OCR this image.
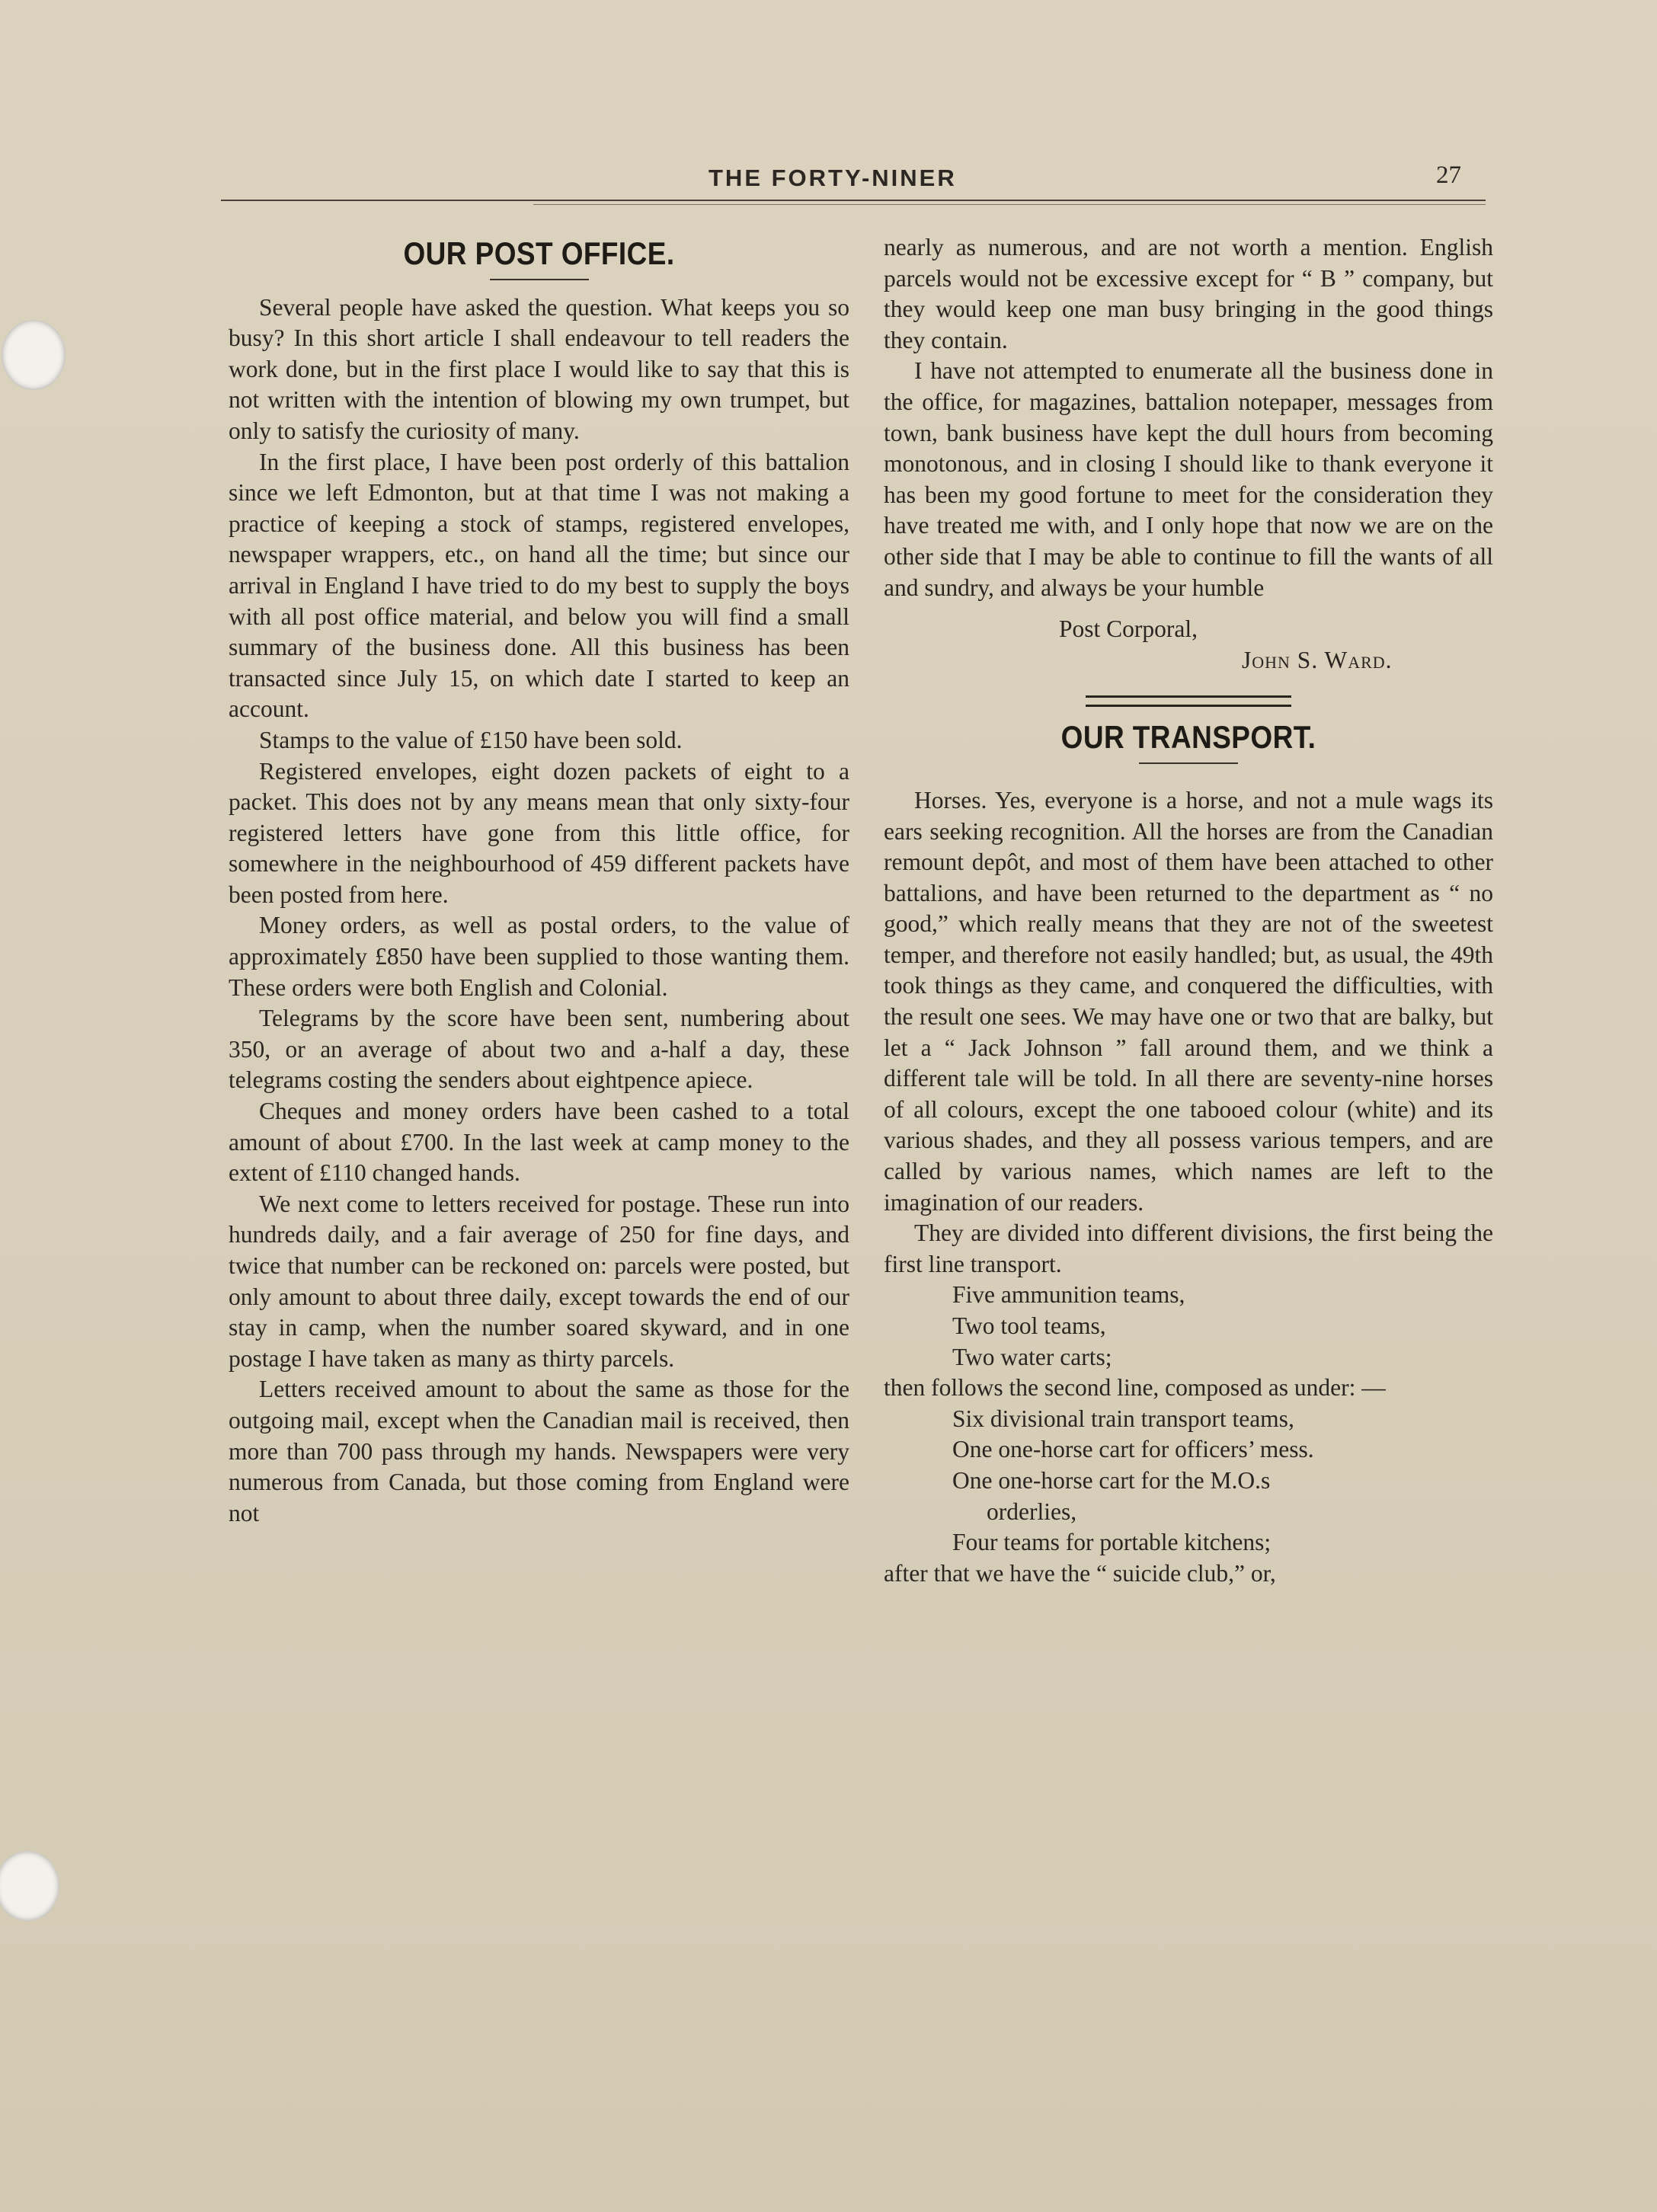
THE FORTY-NINER	27
OUR POST OFFICE.

Several people have asked the question. What keeps you so busy? In this short article I shall endeavour to tell readers the work done, but in the first place I would like to say that this is not written with the intention of blowing my own trumpet, but only to satisfy the curiosity of many.

In the first place, I have been post orderly of this battalion since we left Edmonton, but at that time I was not making a practice of keeping a stock of stamps, registered envelopes, newspaper wrappers, etc., on hand all the time; but since our arrival in England I have tried to do my best to supply the boys with all post office material, and below you will find a small summary of the business done. All this business has been transacted since July 15, on which date I started to keep an account.

Stamps to the value of £150 have been sold.

Registered envelopes, eight dozen packets of eight to a packet. This does not by any means mean that only sixty-four registered letters have gone from this little office, for somewhere in the neighbourhood of 459 different packets have been posted from here.

Money orders, as well as postal orders, to the value of approximately £850 have been supplied to those wanting them. These orders were both English and Colonial.

Telegrams by the score have been sent, numbering about 350, or an average of about two and a-half a day, these telegrams costing the senders about eightpence apiece.

Cheques and money orders have been cashed to a total amount of about £700. In the last week at camp money to the extent of £110 changed hands.

We next come to letters received for postage. These run into hundreds daily, and a fair average of 250 for fine days, and twice that number can be reckoned on: parcels were posted, but only amount to about three daily, except towards the end of our stay in camp, when the number soared skyward, and in one postage I have taken as many as thirty parcels.

Letters received amount to about the same as those for the outgoing mail, except when the Canadian mail is received, then more than 700 pass through my hands. Newspapers were very numerous from Canada, but those coming from England were not

nearly as numerous, and are not worth a mention. English parcels would not be excessive except for “ B ” company, but they would keep one man busy bringing in the good things they contain.

I have not attempted to enumerate all the business done in the office, for magazines, battalion notepaper, messages from town, bank business have kept the dull hours from becoming monotonous, and in closing I should like to thank everyone it has been my good fortune to meet for the consideration they have treated me with, and I only hope that now we are on the other side that I may be able to continue to fill the wants of all and sundry, and always be your humble

Post Corporal,

John S. Ward.

OUR TRANSPORT.

Horses. Yes, everyone is a horse, and not a mule wags its ears seeking recognition. All the horses are from the Canadian remount depôt, and most of them have been attached to other battalions, and have been returned to the department as “ no good,” which really means that they are not of the sweetest temper, and therefore not easily handled; but, as usual, the 49th took things as they came, and conquered the difficulties, with the result one sees. We may have one or two that are balky, but let a “ Jack Johnson ” fall around them, and we think a different tale will be told. In all there are seventy-nine horses of all colours, except the one tabooed colour (white) and its various shades, and they all possess various tempers, and are called by various names, which names are left to the imagination of our readers.

They are divided into different divisions, the first being the first line transport.

Five ammunition teams,

Two tool teams,

Two water carts;

then follows the second line, composed as under: —

Six divisional train transport teams,

One one-horse cart for officers’ mess.

One one-horse cart for the M.O.s

orderlies,

Four teams for portable kitchens;

after that we have the “ suicide club,” or,
